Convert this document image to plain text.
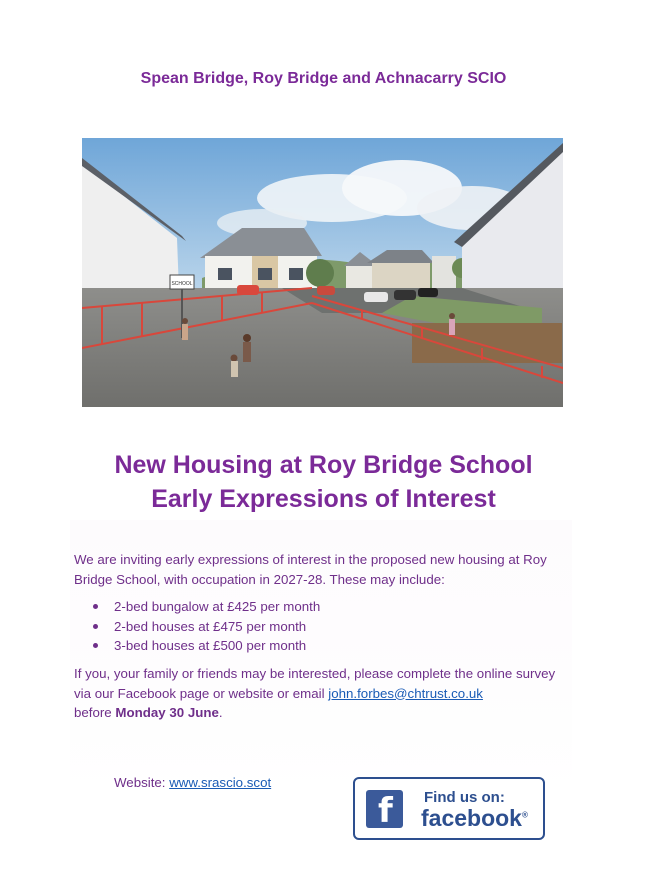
Spean Bridge, Roy Bridge and Achnacarry SCIO
SCHOOL
New Housing at Roy Bridge School
Early Expressions of Interest
We are inviting early expressions of interest in the proposed new housing at Roy Bridge School, with occupation in 2027-28. These may include:
2-bed bungalow at £425 per month
2-bed houses at £475 per month
3-bed houses at £500 per month
If you, your family or friends may be interested, please complete the online survey via our Facebook page or website or email john.forbes@chtrust.co.uk
before Monday 30 June.
Website: www.srascio.scot
f Find us on:
facebook®
